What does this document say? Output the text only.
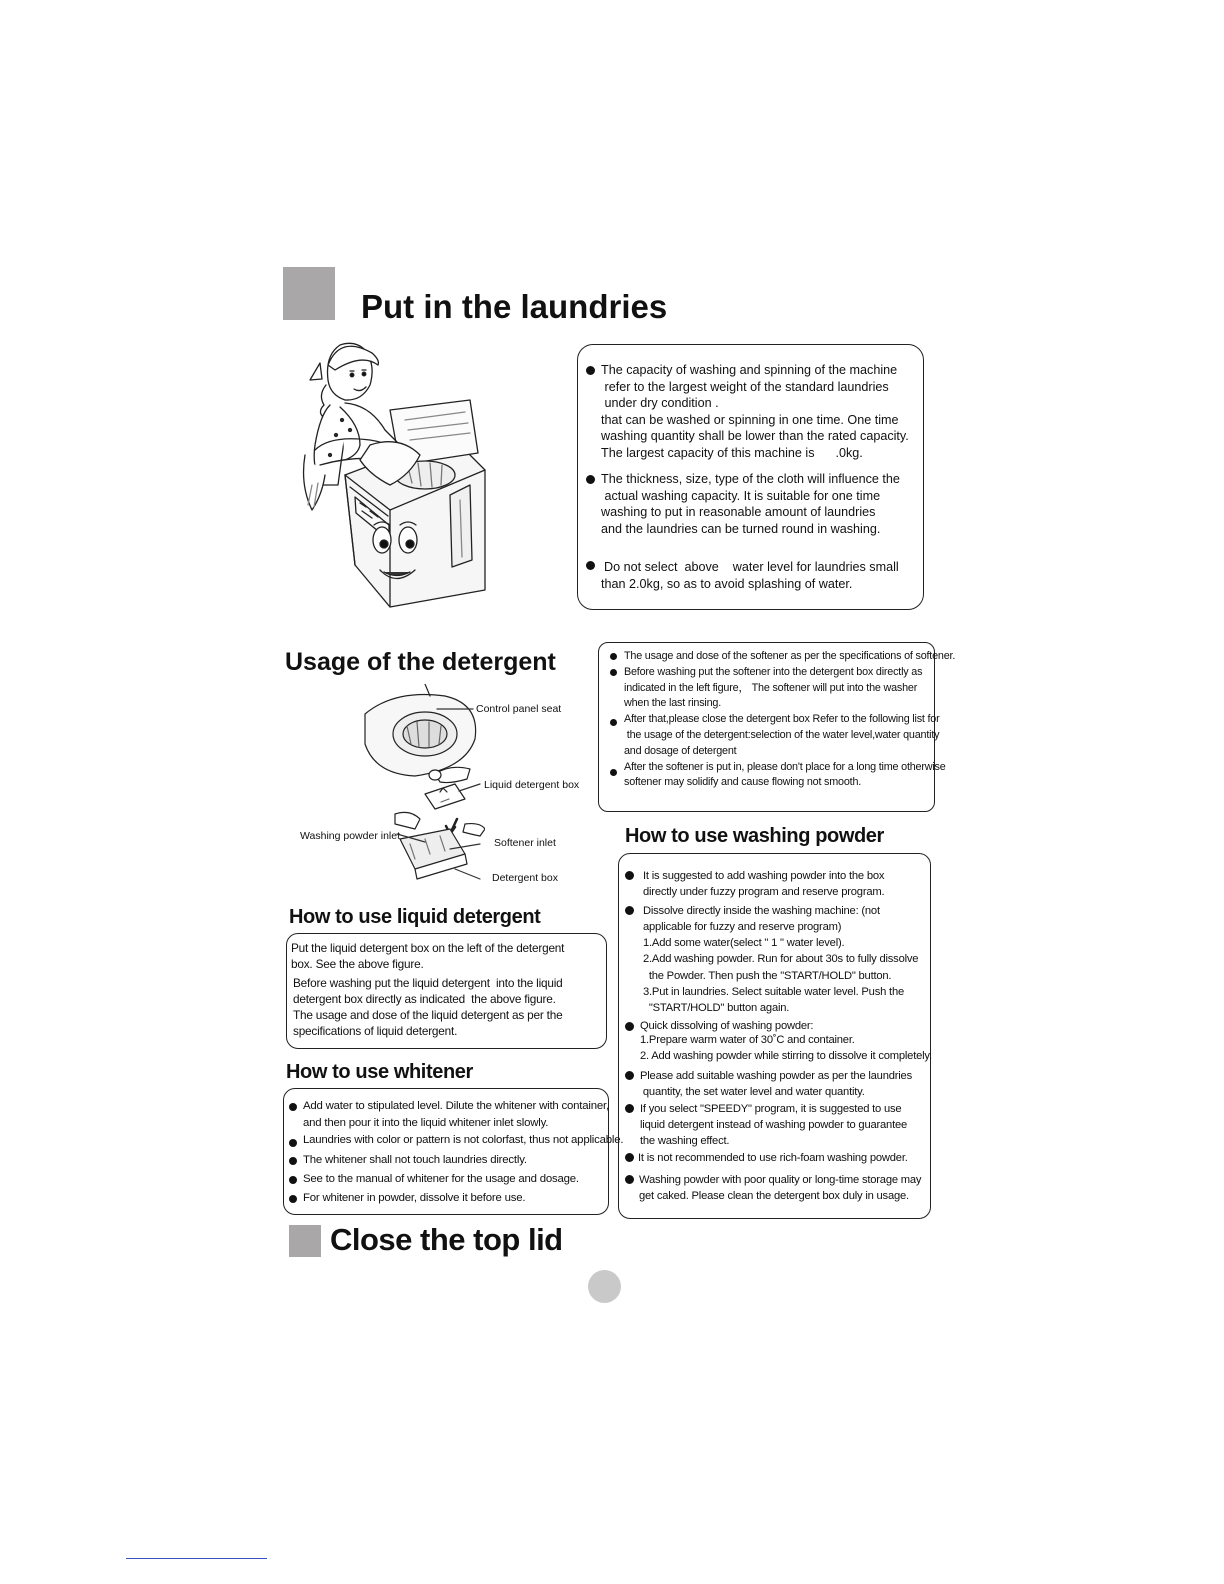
Put in the laundries
The capacity of washing and spinning of the machine
refer to the largest weight of the standard laundries
under dry condition .
that can be washed or spinning in one time. One time
washing quantity shall be lower than the rated capacity.
The largest capacity of this machine is      .0kg.
The thickness, size, type of the cloth will influence the
actual washing capacity. It is suitable for one time
washing to put in reasonable amount of laundries
and the laundries can be turned round in washing.
Do not select  above    water level for laundries small
than 2.0kg, so as to avoid splashing of water.
Usage of the detergent
Control panel seat
Liquid detergent box
Washing powder inlet
Softener inlet
Detergent box
The usage and dose of the softener as per the specifications of softener.
Before washing put the softener into the detergent box directly as
indicated in the left figure， The softener will put into the washer
when the last rinsing.
After that,please close the detergent box Refer to the following list for
the usage of the detergent:selection of the water level,water quantity
and dosage of detergent
After the softener is put in, please don't place for a long time otherwise
softener may solidify and cause flowing not smooth.
How to use liquid detergent
Put the liquid detergent box on the left of the detergent
box. See the above figure.
Before washing put the liquid detergent  into the liquid
detergent box directly as indicated  the above figure.
The usage and dose of the liquid detergent as per the
specifications of liquid detergent.
How to use whitener
Add water to stipulated level. Dilute the whitener with container,
and then pour it into the liquid whitener inlet slowly.
Laundries with color or pattern is not colorfast, thus not applicable.
The whitener shall not touch laundries directly.
See to the manual of whitener for the usage and dosage.
For whitener in powder, dissolve it before use.
How to use washing powder
It is suggested to add washing powder into the box
directly under fuzzy program and reserve program.
Dissolve directly inside the washing machine: (not
applicable for fuzzy and reserve program)
1.Add some water(select " 1 " water level).
2.Add washing powder. Run for about 30s to fully dissolve
the Powder. Then push the "START/HOLD" button.
3.Put in laundries. Select suitable water level. Push the
"START/HOLD" button again.
Quick dissolving of washing powder:
1.Prepare warm water of 30˚C and container.
2. Add washing powder while stirring to dissolve it completely.
Please add suitable washing powder as per the laundries
quantity, the set water level and water quantity.
If you select "SPEEDY" program, it is suggested to use
liquid detergent instead of washing powder to guarantee
the washing effect.
It is not recommended to use rich-foam washing powder.
Washing powder with poor quality or long-time storage may
get caked. Please clean the detergent box duly in usage.
Close the top lid
